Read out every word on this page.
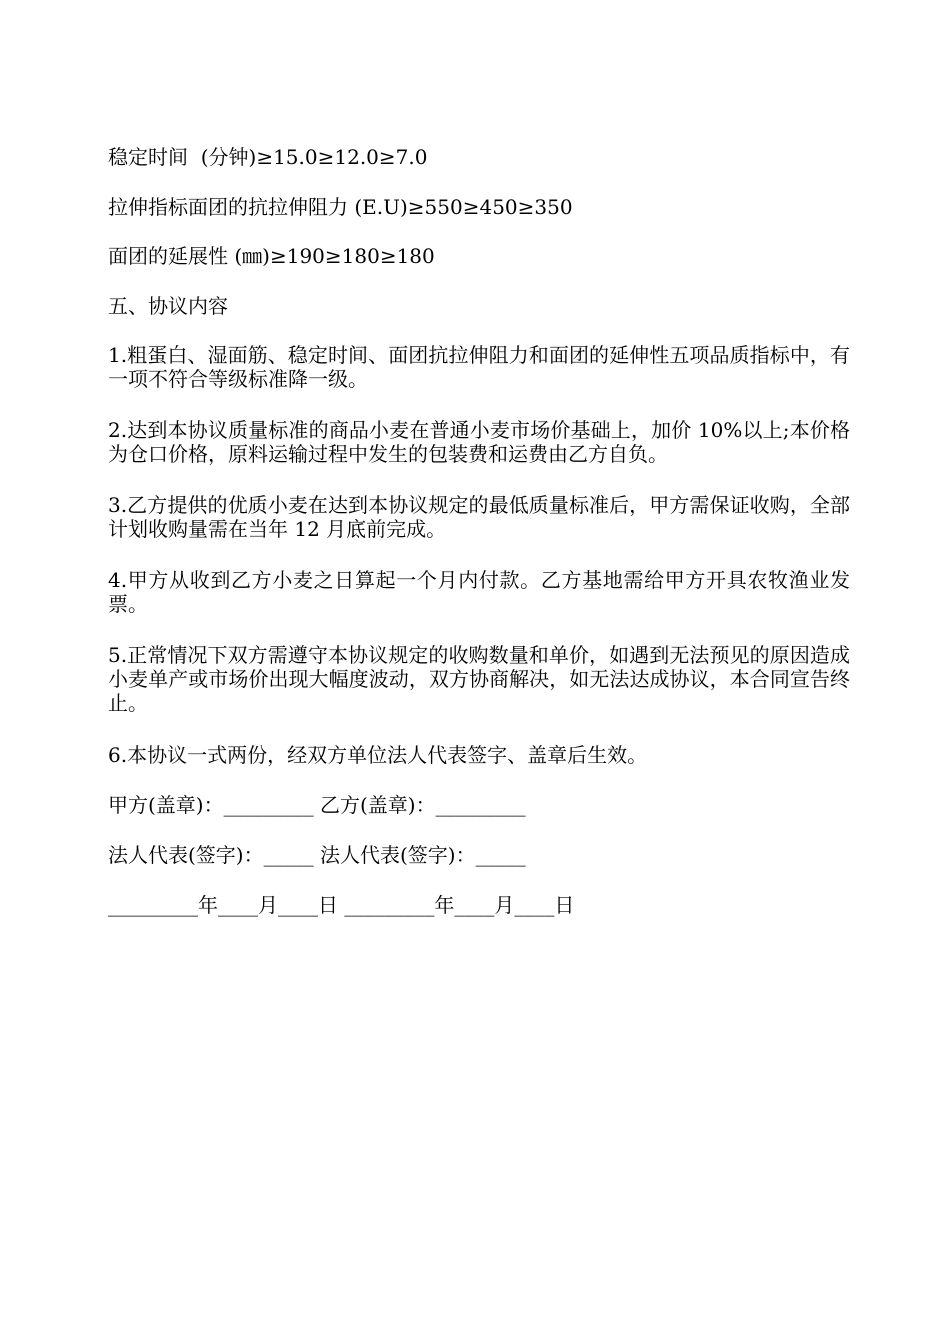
稳定时间  (分钟)≥15.0≥12.0≥7.0
拉伸指标面团的抗拉伸阻力 (E.U)≥550≥450≥350
面团的延展性 (㎜)≥190≥180≥180
五、协议内容
1.粗蛋白、湿面筋、稳定时间、面团抗拉伸阻力和面团的延伸性五项品质指标中，有一项不符合等级标准降一级。
2.达到本协议质量标准的商品小麦在普通小麦市场价基础上，加价 10%以上;本价格为仓口价格，原料运输过程中发生的包装费和运费由乙方自负。
3.乙方提供的优质小麦在达到本协议规定的最低质量标准后，甲方需保证收购，全部计划收购量需在当年 12 月底前完成。
4.甲方从收到乙方小麦之日算起一个月内付款。乙方基地需给甲方开具农牧渔业发票。
5.正常情况下双方需遵守本协议规定的收购数量和单价，如遇到无法预见的原因造成小麦单产或市场价出现大幅度波动，双方协商解决，如无法达成协议，本合同宣告终止。
6.本协议一式两份，经双方单位法人代表签字、盖章后生效。
甲方(盖章)：_________ 乙方(盖章)：_________
法人代表(签字)：_____ 法人代表(签字)：_____
_________年____月____日 _________年____月____日
